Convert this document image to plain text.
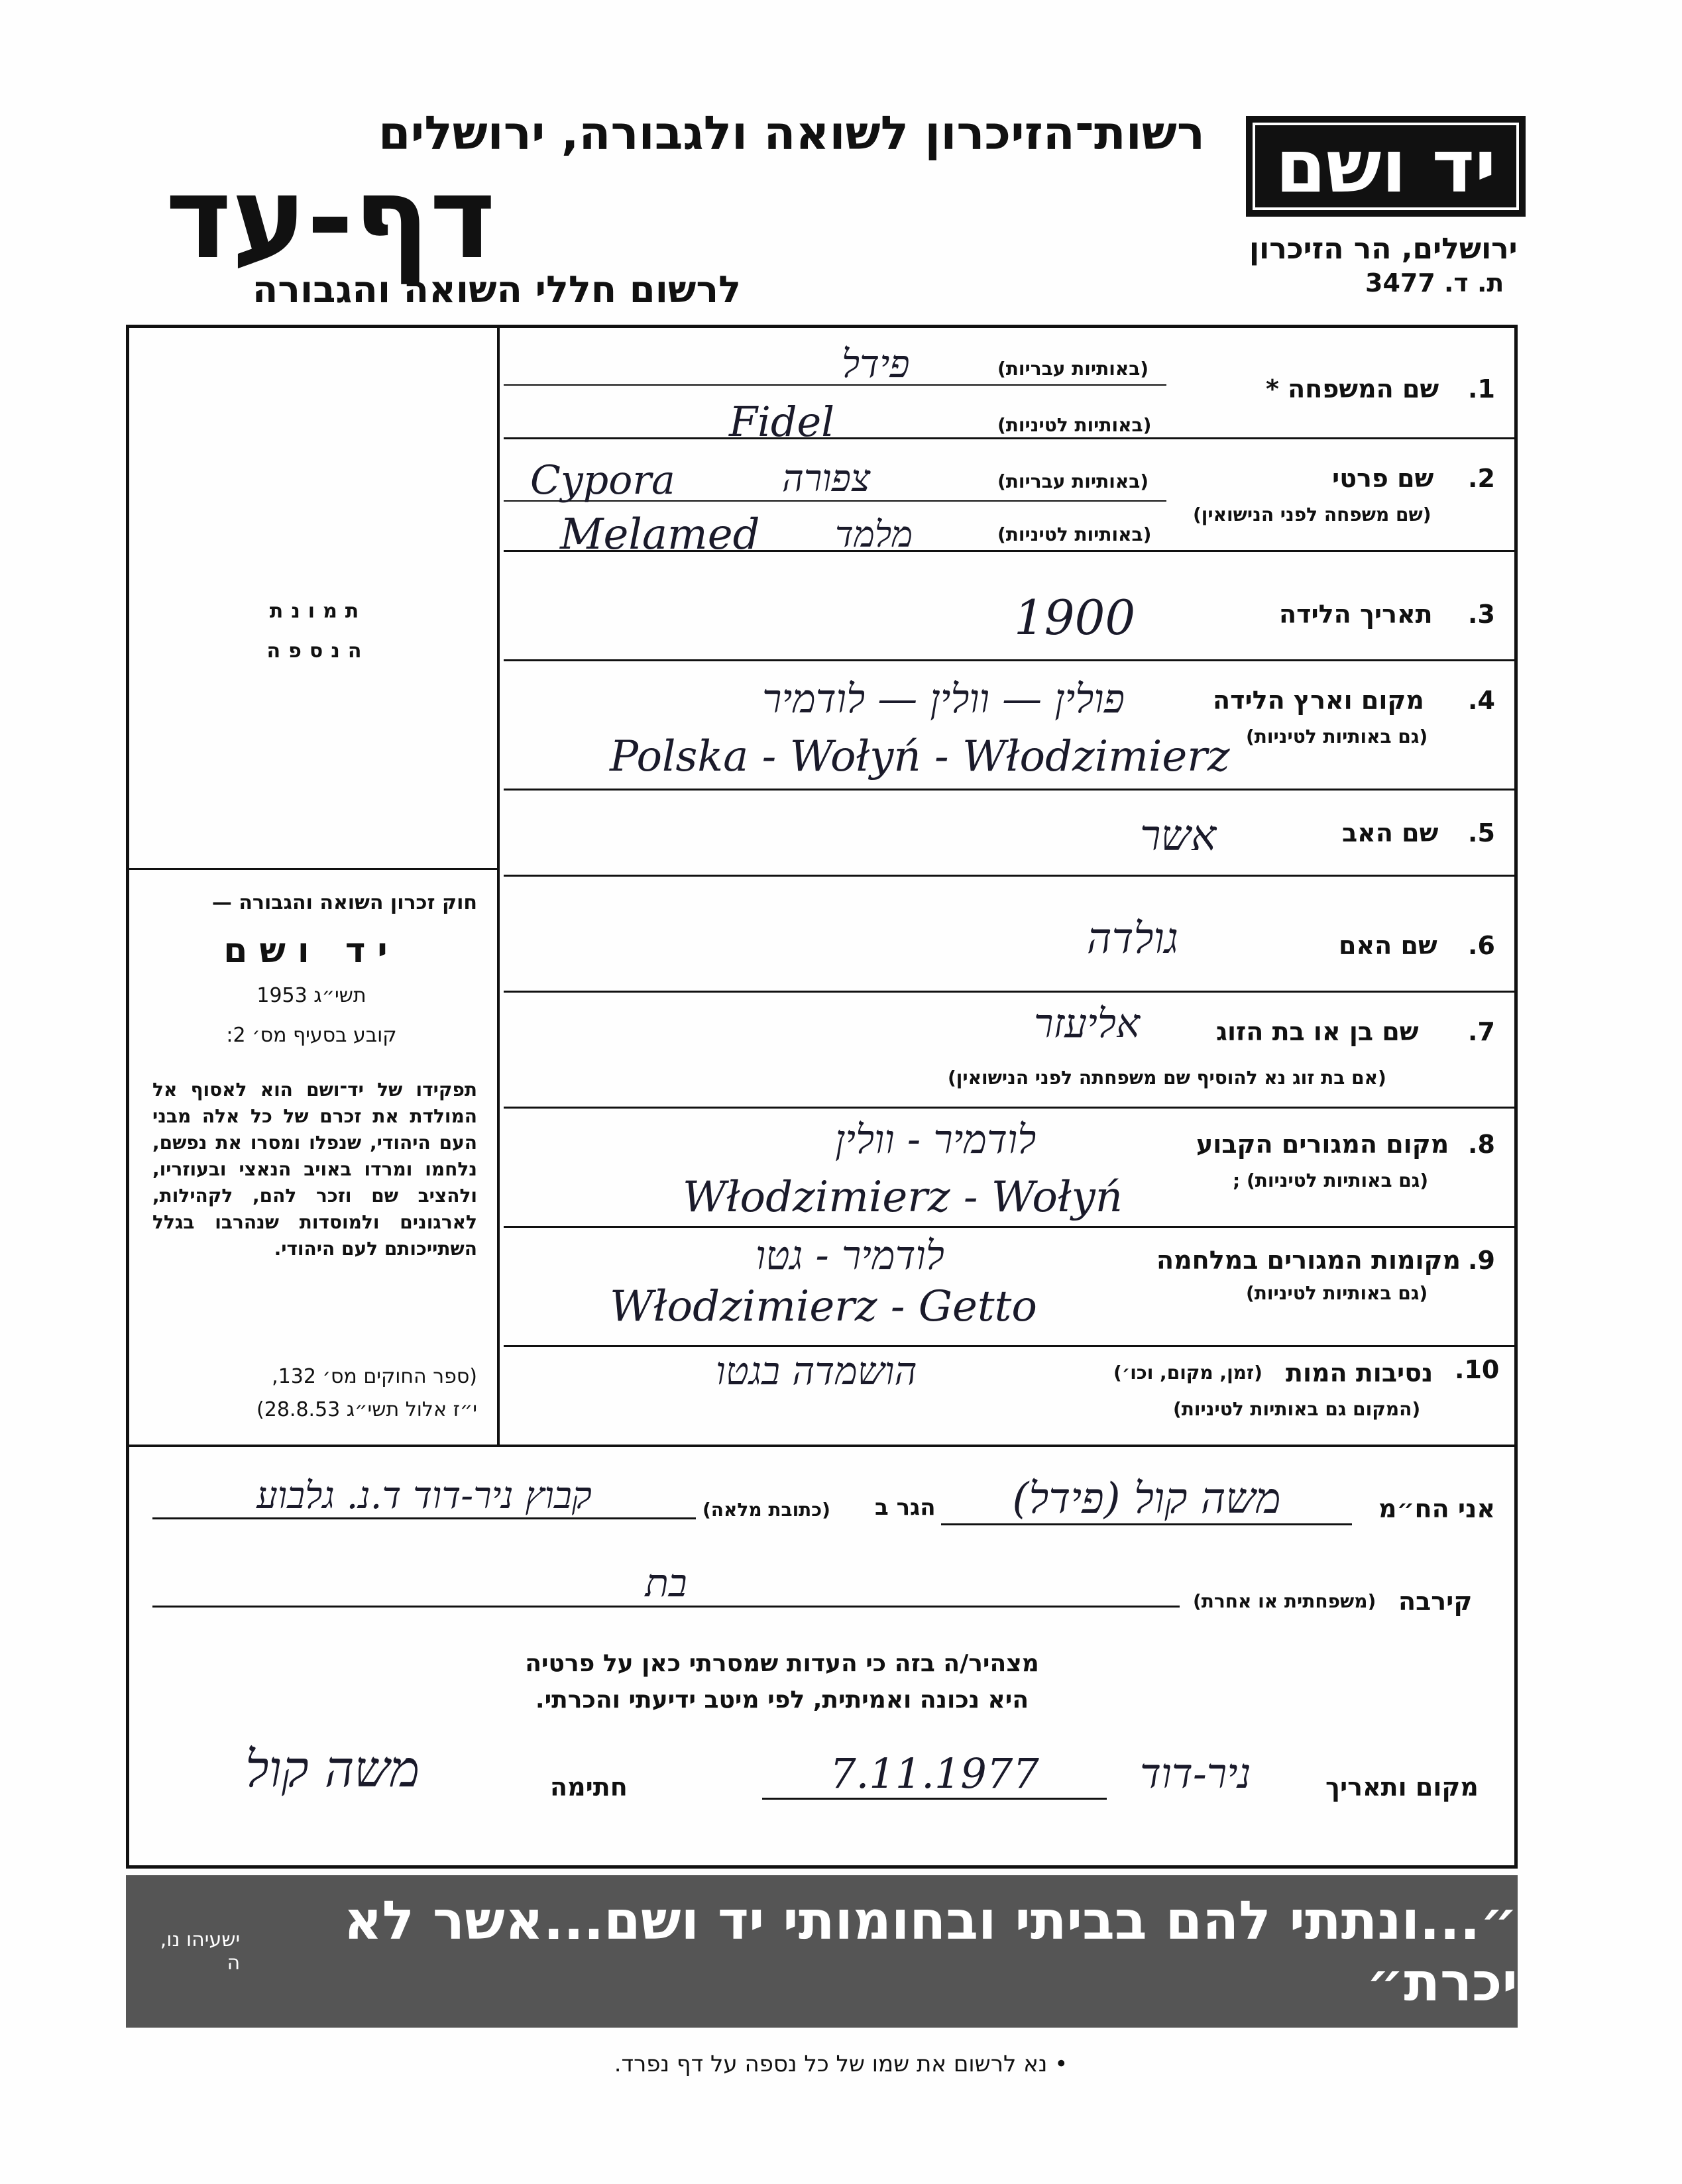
רשות־הזיכרון לשואה ולגבורה, ירושלים
דף-עד
לרשום חללי השואה והגבורה
יד ושם
ירושלים, הר הזיכרון
ת. ד. 3477
תמונת
הנספה
חוק זכרון השואה והגבורה —
יד ושם
תשי״ג 1953
קובע בסעיף מס׳ 2:
תפקידו של יד־ושם הוא לאסוף אל המולדת את זכרם של כל אלה מבני העם היהודי, שנפלו ומסרו את נפשם, נלחמו ומרדו באויב הנאצי ובעוזריו, ולהציב שם וזכר להם, לקהילות, לארגונים ולמוסדות שנהרבו בגלל השתייכותם לעם היהודי.
(ספר החוקים מס׳ 132,
י״ז אלול תשי״ג 28.8.53)
1.
שם המשפחה *
(באותיות עבריות)
(באותיות לטיניות)
פידל
Fidel
2.
שם פרטי
(שם משפחה לפני הנישואין)
(באותיות עבריות)
(באותיות לטיניות)
Cypora	צפורה
Melamed מלמד
3.
תאריך הלידה
1900
4.
מקום וארץ הלידה
(גם באותיות לטיניות)
פולין — וולין — לודמיר
Polska - Wołyń - Włodzimierz
5.
שם האב
אשר
6.
שם האם
גולדה
7.
שם בן או בת הזוג
(אם בת זוג נא להוסיף שם משפחתה לפני הנישואין)
אליעזר
8.
מקום המגורים הקבוע
(גם באותיות לטיניות) ;
לודמיר - וולין
Włodzimierz - Wołyń
9.
מקומות המגורים במלחמה
(גם באותיות לטיניות)
לודמיר - גטו
Włodzimierz - Getto
10.
נסיבות המות
(זמן, מקום, וכו׳)
(המקום גם באותיות לטיניות)
הושמדה בגטו
אני הח״מ
משה קול (פידל)
הגר ב
(כתובת מלאה)
קבוץ ניר-דוד ד.נ. גלבוע
קירבה
(משפחתית או אחרת)
בת
מצהיר/ה בזה כי העדות שמסרתי כאן על פרטיה
היא נכונה ואמיתית, לפי מיטב ידיעתי והכרתי.
מקום ותאריך
ניר-דוד
7.11.1977
חתימה
משה קול
״...ונתתי להם בביתי ובחומותי יד ושם...אשר לא יכרת״
ישעיהו נו, ה
• נא לרשום את שמו של כל נספה על דף נפרד.
